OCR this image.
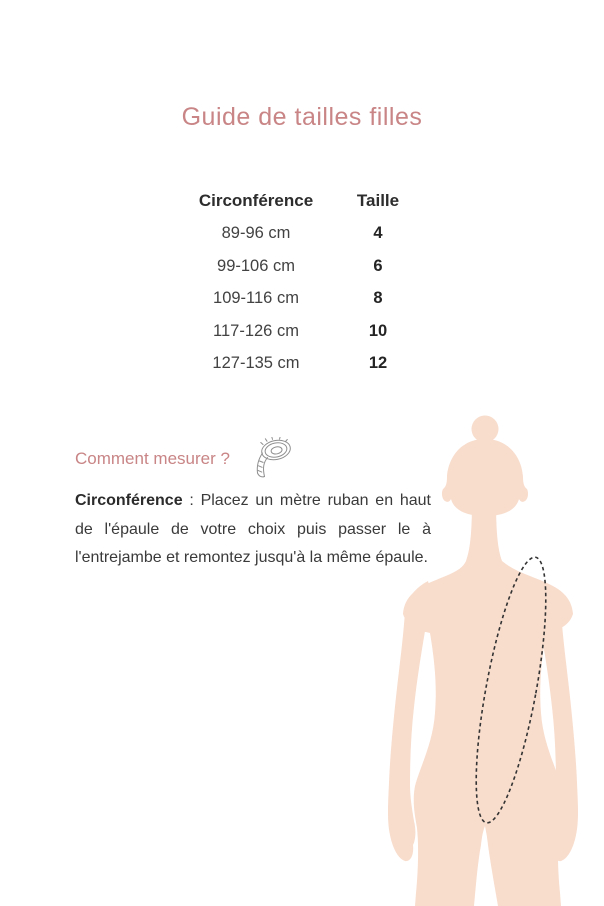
Guide de tailles filles
Circonférence	Taille
89-96 cm	4
99-106 cm	6
109-116 cm	8
117-126 cm	10
127-135 cm	12
Comment mesurer ?

Circonférence : Placez un mètre ruban en haut de l'épaule de votre choix puis passer le à l'entrejambe et remontez jusqu'à la même épaule.
